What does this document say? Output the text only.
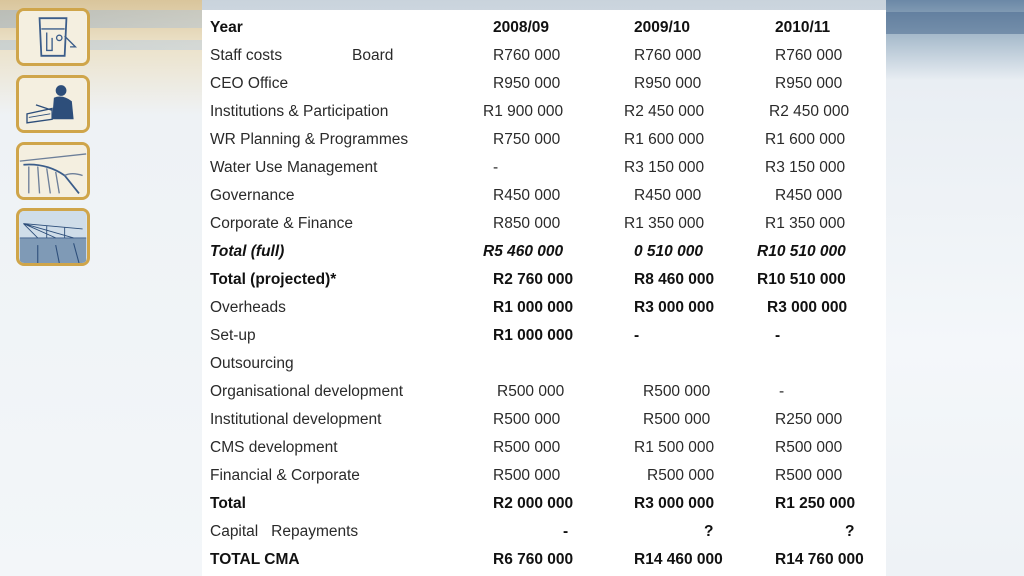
Year	2008/09	2009/10	2010/11
Staff costs	Board	R760 000	R760 000	R760 000
CEO Office	R950 000	R950 000	R950 000
Institutions & Participation	R1 900 000	R2 450 000	R2 450 000
WR Planning & Programmes	R750 000	R1 600 000	R1 600 000
Water Use Management	-	R3 150 000	R3 150 000
Governance	R450 000	R450 000	R450 000
Corporate & Finance	R850 000	R1 350 000	R1 350 000
Total (full)	R5 460 000	0 510 000	R10 510 000
Total (projected)*	R2 760 000	R8 460 000	R10 510 000
Overheads	R1 000 000	R3 000 000	R3 000 000
Set-up	R1 000 000	-	-
Outsourcing
Organisational development	R500 000	R500 000	-
Institutional development	R500 000	R500 000	R250 000
CMS development	R500 000	R1 500 000	R500 000
Financial & Corporate	R500 000	R500 000	R500 000
Total	R2 000 000	R3 000 000	R1 250 000
Capital   Repayments	-	?	?
TOTAL CMA	R6 760 000	R14 460 000	R14 760 000
